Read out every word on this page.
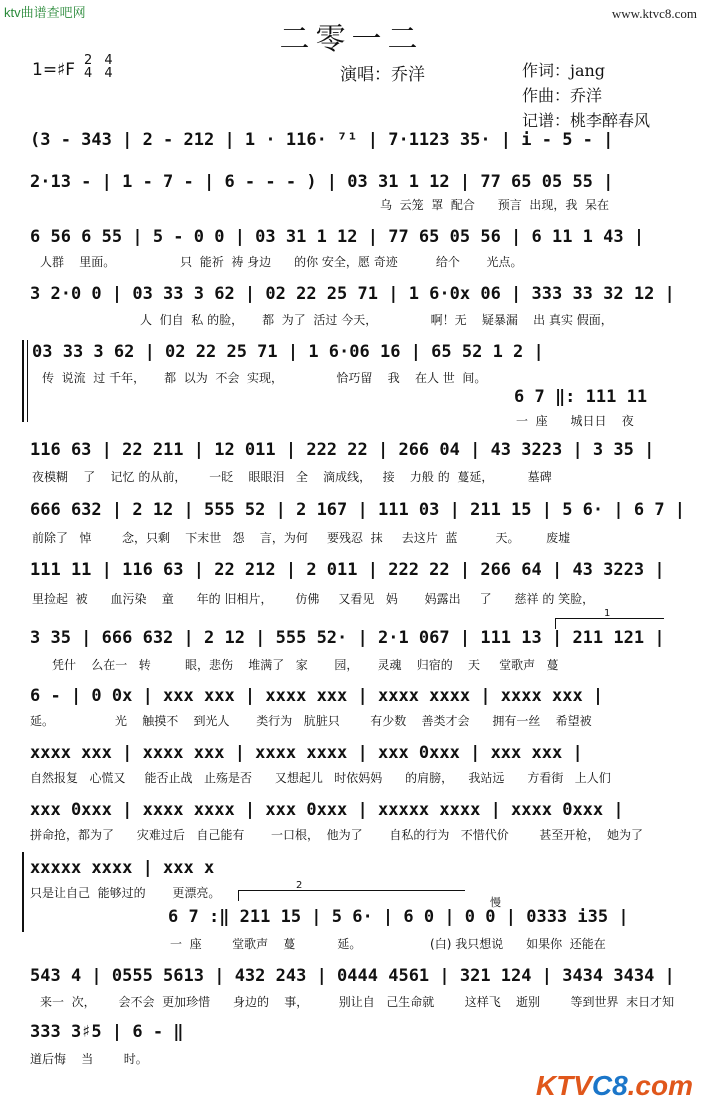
ktv曲谱查吧网	www.ktvc8.com
二零一二
1=♯F 2
4 4
4	演唱：乔洋	作词：jang
作曲：乔洋
记谱：桃李醉春风
(3 - 343 | 2 - 212 | 1 · 116· ⁷¹ | 7·1123 35· | i - 5 - |
2·13 - | 1 - 7 - | 6 - - - ) | 03 31 1 12 | 77 65 05 55 |
乌  云笼  罩  配合      预言  出现，我  呆在
6 56 6 55 | 5 - 0 0 | 03 31 1 12 | 77 65 05 56 | 6 11 1 43 |
人群    里面。                 只  能祈  祷 身边      的你 安全，愿 奇迹          给个       光点。
3 2·0 0 | 03 33 3 62 | 02 22 25 71 | 1 6·0x 06 | 333 33 32 12 |
人  们自  私 的脸，     都  为了  活过 今天，              啊！无    疑暴漏    出 真实 假面，
03 33 3 62 | 02 22 25 71 | 1 6·06 16 | 65 52 1 2 |
传  说流  过 千年，     都  以为  不会  实现，              恰巧留    我    在人 世  间。
6 7 ‖: 111 11
一  座      城日日    夜
116 63 | 22 211 | 12 011 | 222 22 | 266 04 | 43 3223 | 3 35 |
夜模糊    了    记忆 的从前，      一眨    眼眼泪   全    滴成线，   接    力般 的  蔓延，         墓碑
666 632 | 2 12 | 555 52 | 2 167 | 111 03 | 211 15 | 5 6· | 6 7 |
前除了   悼        念，只剩    下末世   怨    言，为何     要残忍  抹     去这片  蓝          天。       废墟
111 11 | 116 63 | 22 212 | 2 011 | 222 22 | 266 64 | 43 3223 |
里捡起  被      血污染    童      年的 旧相片，      仿佛     又看见   妈       妈露出     了      慈祥 的 笑脸，
1
3 35 | 666 632 | 2 12 | 555 52· | 2·1 067 | 111 13 | 211 121 |
凭什    么在一   转         眼，悲伤    堆满了   家       园，     灵魂    归宿的    天     堂歌声   蔓
6 - | 0 0x | xxx xxx | xxxx xxx | xxxx xxxx | xxxx xxx |
延。                光    触摸不    到光人       类行为   肮脏只        有少数    善类才会      拥有一丝    希望被
xxxx xxx | xxxx xxx | xxxx xxxx | xxx 0xxx | xxx xxx |
自然报复   心慌又     能否止战   止殇是否      又想起儿   时依妈妈      的肩膀，    我站远      方看街   上人们
xxx 0xxx | xxxx xxxx | xxx 0xxx | xxxxx xxxx | xxxx 0xxx |
拼命抢，都为了      灾难过后   自己能有       一口根，  他为了       自私的行为   不惜代价        甚至开枪，  她为了
xxxxx xxxx | xxx x
只是让自己  能够过的       更漂亮。
2
慢
6 7 :‖ 211 15 | 5 6· | 6 0 | 0 0 | 0333 i35 |
一  座        堂歌声    蔓           延。                  (白) 我只想说      如果你  还能在
543 4 | 0555 5613 | 432 243 | 0444 4561 | 321 124 | 3434 3434 |
来一  次，      会不会  更加珍惜      身边的    事，        别让自   己生命就        这样飞    逝别        等到世界  末日才知
333 3♯5 | 6 - ‖
道后悔    当        时。
KTVC8.com
